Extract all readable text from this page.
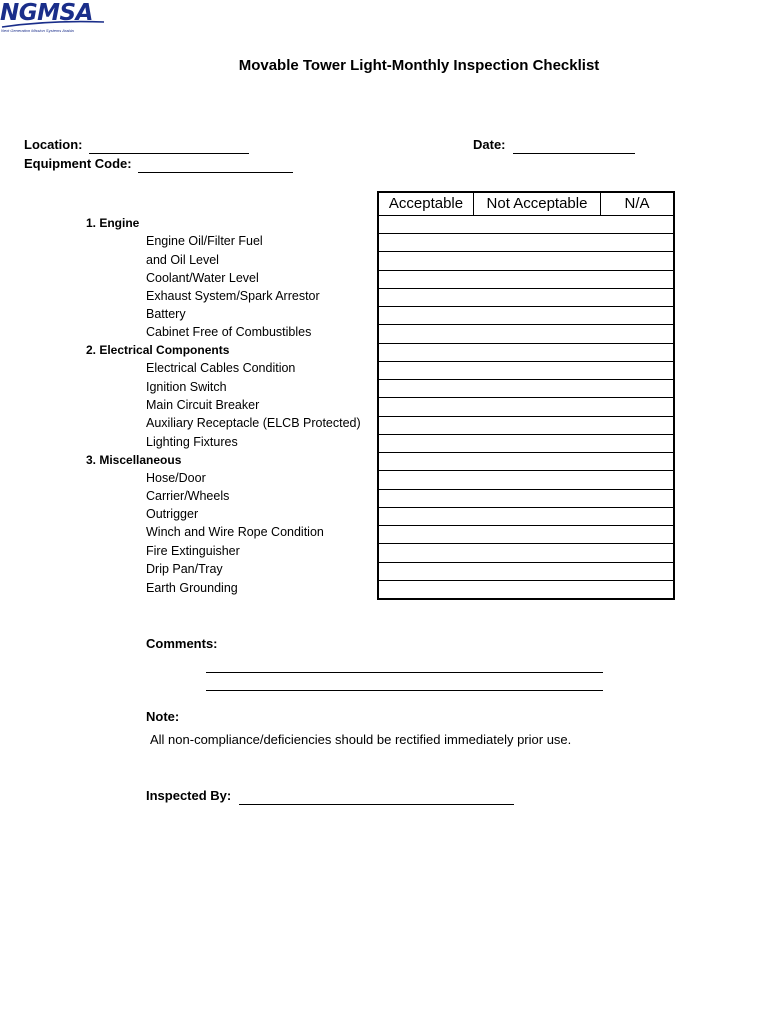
NGMSA
Next Generation Mission Systems Arabia
Movable Tower Light-Monthly Inspection Checklist
Location:	Date:
Equipment Code:
Acceptable	Not Acceptable	N/A
1. Engine
Engine Oil/Filter Fuel
and Oil Level
Coolant/Water Level
Exhaust System/Spark Arrestor
Battery
Cabinet Free of Combustibles
2. Electrical Components
Electrical Cables Condition
Ignition Switch
Main Circuit Breaker
Auxiliary Receptacle (ELCB Protected)
Lighting Fixtures
3. Miscellaneous
Hose/Door
Carrier/Wheels
Outrigger
Winch and Wire Rope Condition
Fire Extinguisher
Drip Pan/Tray
Earth Grounding
Comments:
Note:
All non-compliance/deficiencies should be rectified immediately prior use.
Inspected By:
